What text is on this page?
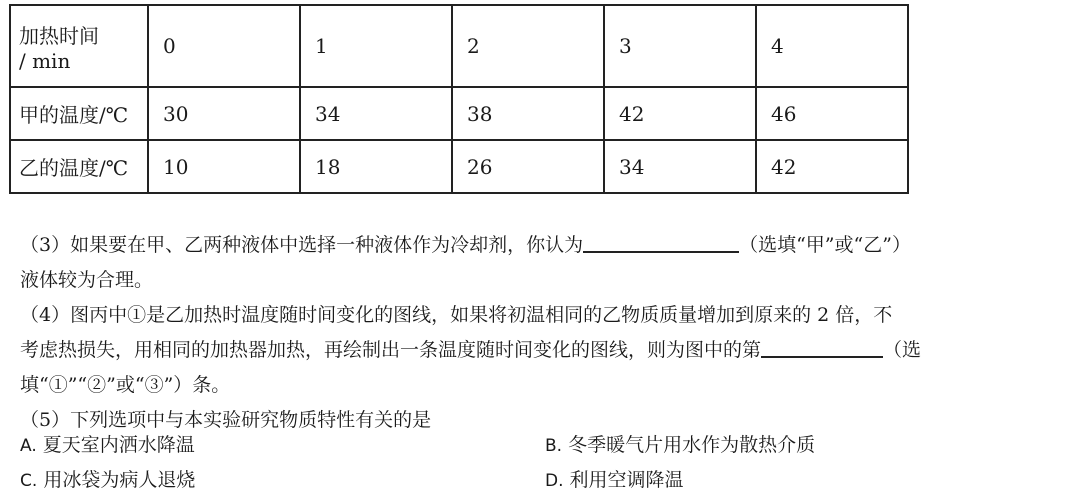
加热时间
/ min	0	1	2	3	4
甲的温度/℃	30	34	38	42	46
乙的温度/℃	10	18	26	34	42
（3）如果要在甲、乙两种液体中选择一种液体作为冷却剂，你认为	（选填“甲”或“乙”）
液体较为合理。
（4）图丙中①是乙加热时温度随时间变化的图线，如果将初温相同的乙物质质量增加到原来的 2 倍，不
考虑热损失，用相同的加热器加热，再绘制出一条温度随时间变化的图线，则为图中的第	（选
填“①”“②”或“③”）条。
（5）下列选项中与本实验研究物质特性有关的是
A. 夏天室内洒水降温	B. 冬季暖气片用水作为散热介质
C. 用冰袋为病人退烧	D. 利用空调降温
